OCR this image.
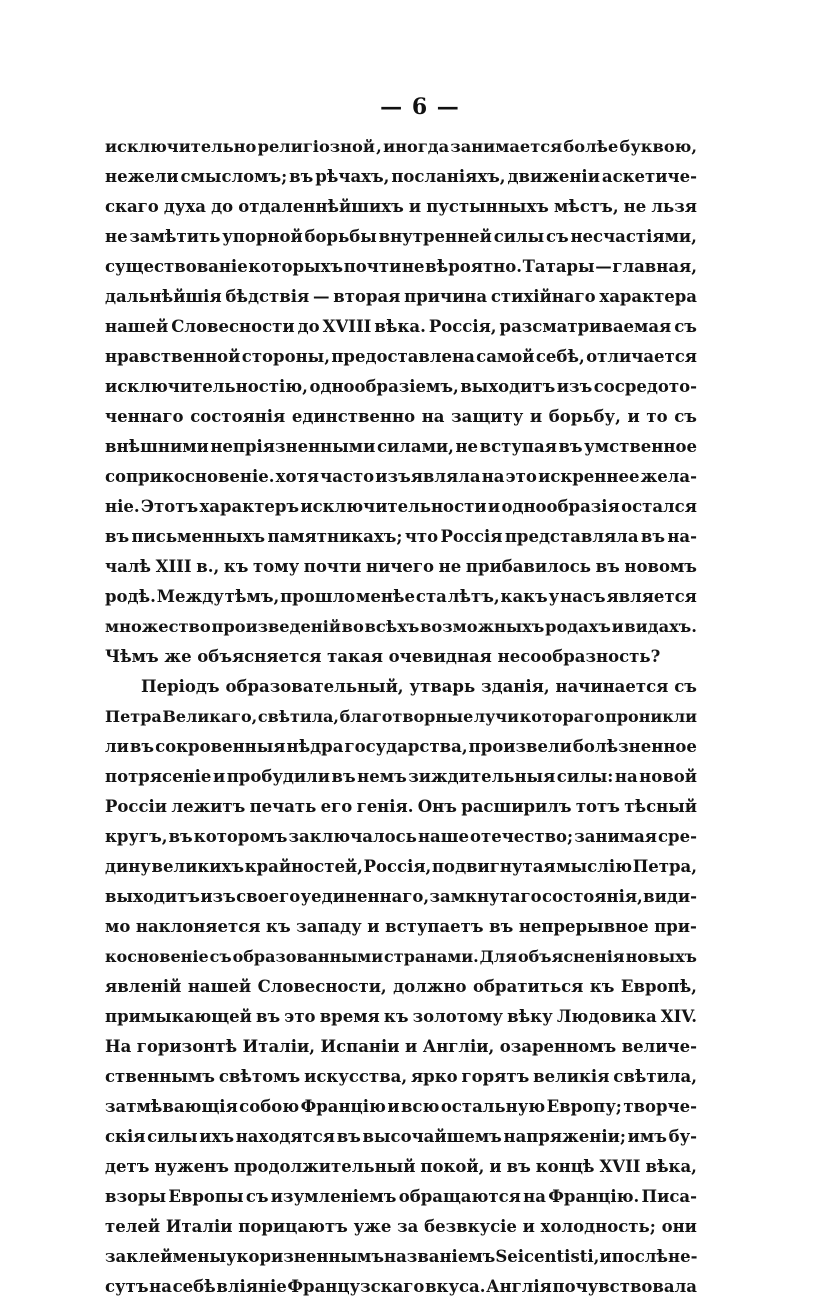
— 6 —
исключительно религiозной , иногда занимается болѣе буквою,
нежели смысломъ; въ рѣчахъ, посланiяхъ, движенiи аскетиче-
скаго духа до отдаленнѣйшихъ и пустынныхъ мѣстъ, не льзя
не замѣтить упорной борьбы внутренней силы съ несчастiями,
существованiе которыхъ почти не вѣроятно. Татары — главная,
дальнѣйшiя бѣдствiя — вторая причина стихiйнаго характера
нашей Словесности до XVIII вѣка. Россiя, разсматриваемая съ
нравственной стороны, предоставлена самой себѣ, отличается
исключительностiю, однообразiемъ, выходитъ изъ сосредото-
ченнаго состоянiя единственно на защиту и борьбу, и то съ
внѣшними непрiязненными силами, не вступая въ умственное
соприкосновенiе. хотя часто изъявляла на это искреннее жела-
нiе. Этотъ характеръ исключительности и однообразiя остался
въ письменныхъ памятникахъ; что Россiя представляла въ на-
чалѣ XIII в., къ тому почти ничего не прибавилось въ новомъ
родѣ. Между тѣмъ, прошло менѣе ста лѣтъ, какъ у насъ является
множество произведенiй во всѣхъ возможныхъ родахъ и видахъ.
Чѣмъ же объясняется такая очевидная несообразность?
Перiодъ образовательный, утварь зданiя, начинается съ
Петра Великаго, свѣтила, благотворные лучи котораго проникли
ли въ сокровенныя нѣдра государства, произвели болѣзненное
потрясенiе и пробудили въ немъ зиждительныя силы: на новой
Россiи лежитъ печать его генiя. Онъ расширилъ тотъ тѣсный
кругъ, въ которомъ заключалось наше отечество; занимая сре-
дину великихъ крайностей, Россiя, подвигнутая мыслiю Петра,
выходитъ изъ своего уединеннаго, замкнутаго состоянiя, види-
мо наклоняется къ западу и вступаетъ въ непрерывное при-
косновенiе съ образованными странами. Для объясненiя новыхъ
явленiй нашей Словесности, должно обратиться къ Европѣ,
примыкающей въ это время къ золотому вѣку Людовика XIV.
На горизонтѣ Италiи, Испанiи и Англiи, озаренномъ величе-
ственнымъ свѣтомъ искусства, ярко горятъ великiя свѣтила,
затмѣвающiя собою Францiю и всю остальную Европу; творче-
скiя силы ихъ находятся въ высочайшемъ напряженiи; имъ бу-
детъ нуженъ продолжительный покой, и въ концѣ XVII вѣка,
взоры Европы съ изумленiемъ обращаются на Францiю. Писа-
телей Италiи порицаютъ уже за безвкусiе и холодность; они
заклеймены укоризненнымъ названiемъ Seicentisti, и послѣ не-
сутъ на себѣ влiянiе Французскаго вкуса. Англiя почувствовала
